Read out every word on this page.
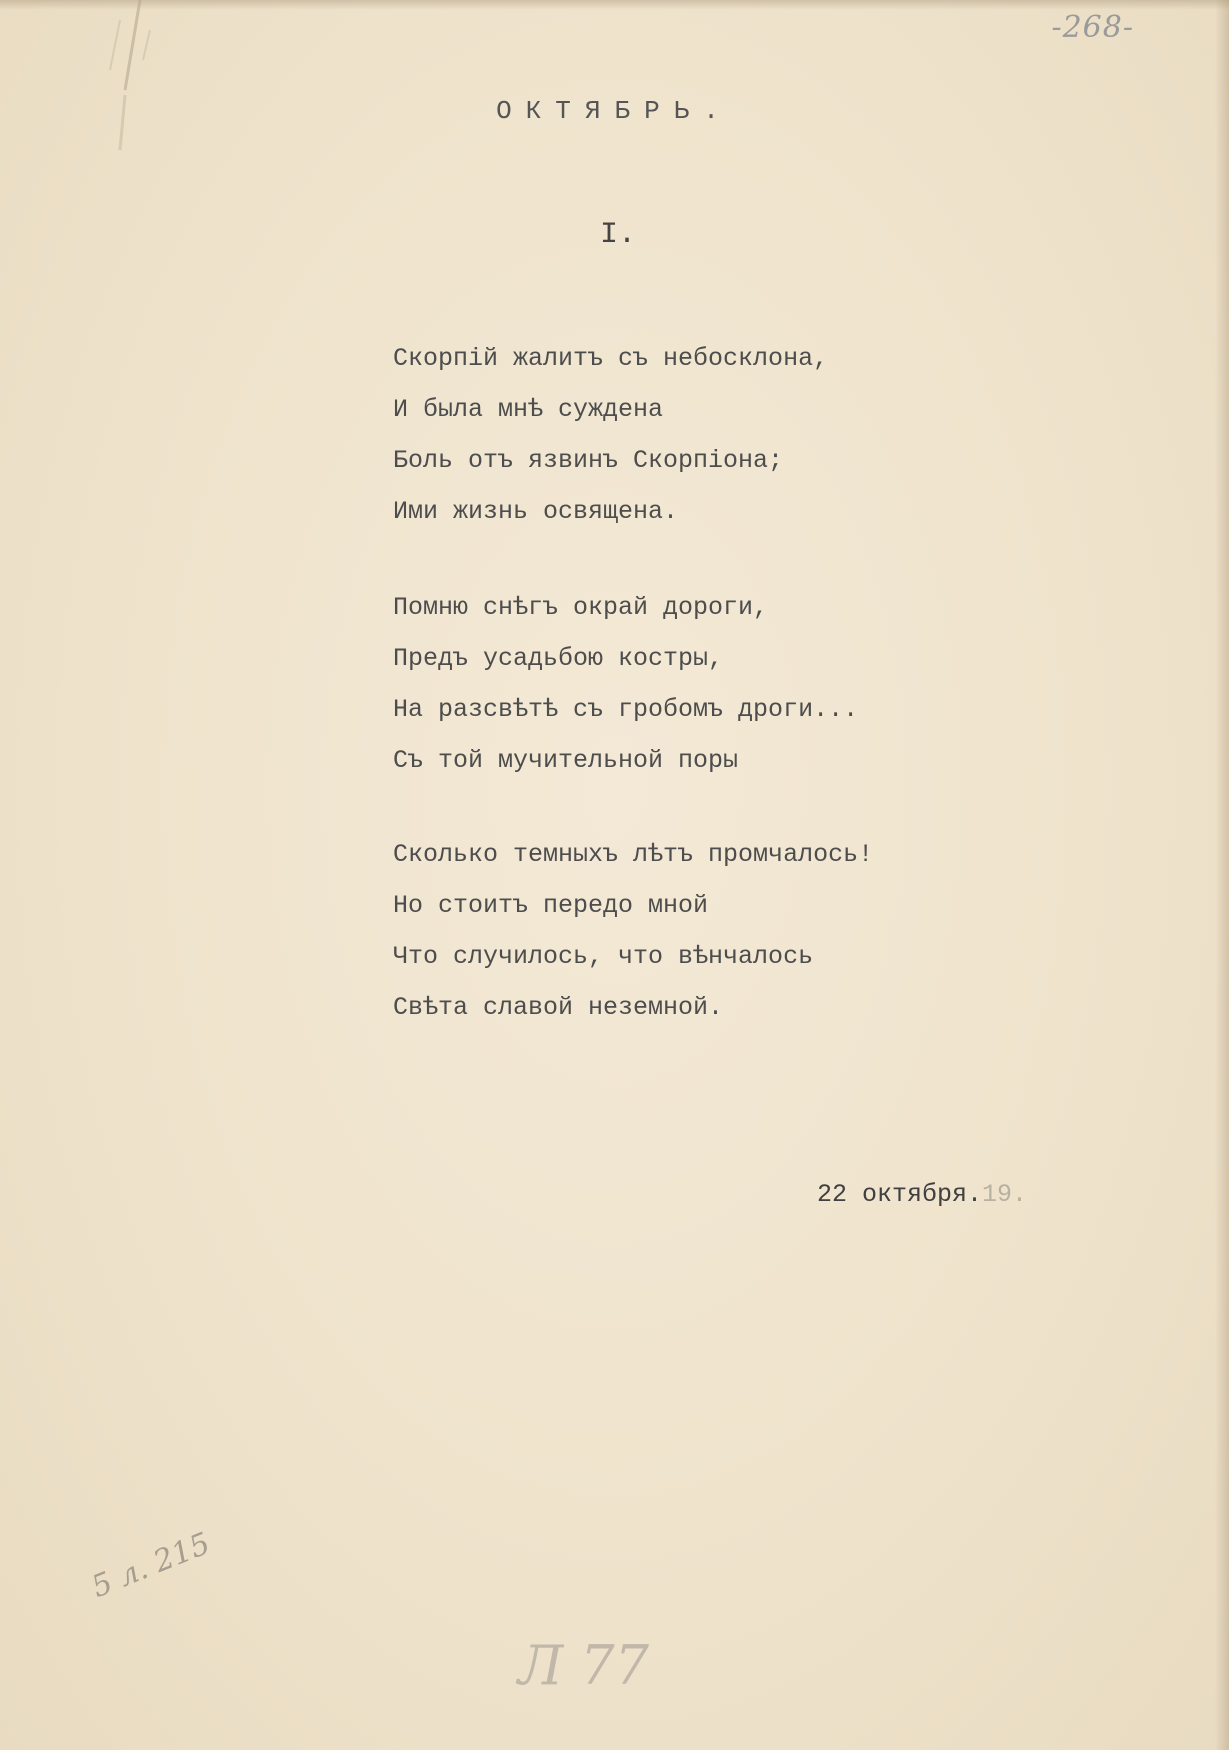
-268-
ОКТЯБРЬ.
I.
Скорпiй жалитъ съ небосклона,
И была мнѣ суждена
Боль отъ язвинъ Скорпiона;
Ими жизнь освящена.
Помню снѣгъ окрай дороги,
Предъ усадьбою костры,
На разсвѣтѣ съ гробомъ дроги...
Съ той мучительной поры
Сколько темныхъ лѣтъ промчалось!
Но стоитъ передо мной
Что случилось, что вѣнчалось
Свѣта славой неземной.
22 октября.19.
5 л. 215
Л 77
